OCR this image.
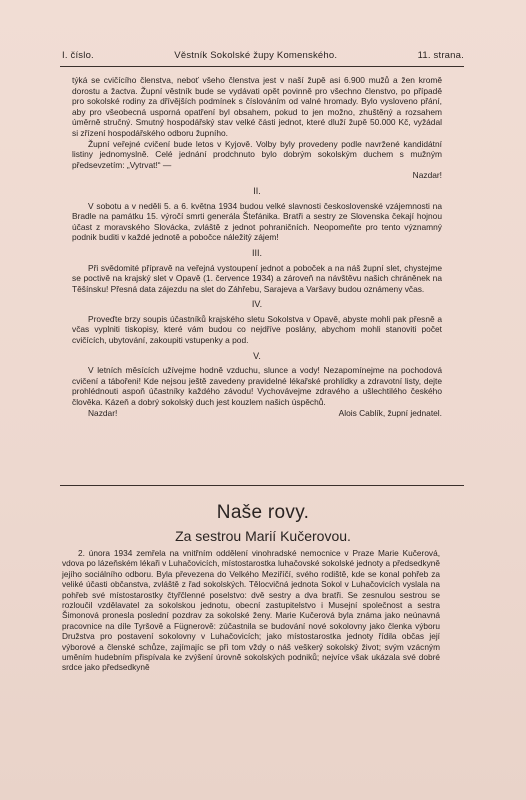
I. číslo.	Věstník Sokolské župy Komenského.	11. strana.

týká se cvičícího členstva, neboť všeho členstva jest v naší župě asi 6.900 mužů a žen kromě dorostu a žactva. Župní věstník bude se vydávati opět povinně pro všechno členstvo, po případě pro sokolské rodiny za dřívějších podmínek s číslováním od valné hromady. Bylo vysloveno přání, aby pro všeobecná usporná opatření byl obsahem, pokud to jen možno, zhuštěný a rozsahem úměrně stručný. Smutný hospodářský stav velké části jednot, které dluží župě 50.000 Kč, vyžádal si zřízení hospodářského odboru župního.

Župní veřejné cvičení bude letos v Kyjově. Volby byly provedeny podle navržené kandidátní listiny jednomyslně. Celé jednání prodchnuto bylo dobrým sokolským duchem s mužným předsevzetím: „Vytrvat!“ —

Nazdar!
II.

V sobotu a v neděli 5. a 6. května 1934 budou velké slavnosti československé vzájemnosti na Bradle na památku 15. výročí smrti generála Štefánika. Bratři a sestry ze Slovenska čekají hojnou účast z moravského Slovácka, zvláště z jednot pohraničních. Neopomeňte pro tento významný podnik buditi v každé jednotě a pobočce náležitý zájem!

III.

Při svědomité přípravě na veřejná vystoupení jednot a poboček a na náš župní slet, chystejme se poctivě na krajský slet v Opavě (1. července 1934) a zároveň na návštěvu našich chráněnek na Těšínsku! Přesná data zájezdu na slet do Záhřebu, Sarajeva a Varšavy budou oznámeny včas.

IV.

Proveďte brzy soupis účastníků krajského sletu Sokolstva v Opavě, abyste mohli pak přesně a včas vyplniti tiskopisy, které vám budou co nejdříve poslány, abychom mohli stanoviti počet cvičících, ubytování, zakoupiti vstupenky a pod.

V.

V letních měsících užívejme hodně vzduchu, slunce a vody! Nezapomínejme na pochodová cvičení a tábořeni! Kde nejsou ještě zavedeny pravidelné lékařské prohlídky a zdravotní listy, dejte prohlédnouti aspoň účastníky každého závodu! Vychovávejme zdravého a ušlechtilého českého člověka. Kázeň a dobrý sokolský duch jest kouzlem našich úspěchů.

Nazdar!	Alois Cablík, župní jednatel.
Naše rovy.
Za sestrou Marií Kučerovou.

2. února 1934 zemřela na vnitřním oddělení vinohradské nemocnice v Praze Marie Kučerová, vdova po lázeňském lékaři v Luhačovicích, místostarostka luhačovské sokolské jednoty a předsedkyně jejího sociálního odboru. Byla převezena do Velkého Meziříčí, svého rodiště, kde se konal pohřeb za veliké účasti občanstva, zvláště z řad sokolských. Tělocvičná jednota Sokol v Luhačovicích vyslala na pohřeb své místostarostky čtyřčlenné poselstvo: dvě sestry a dva bratři. Se zesnulou sestrou se rozloučil vzdělavatel za sokolskou jednotu, obecní zastupitelstvo i Musejní společnost a sestra Šimonová pronesla poslední pozdrav za sokolské ženy. Marie Kučerová byla známa jako neúnavná pracovnice na díle Tyršově a Fügnerově: zúčastnila se budování nové sokolovny jako členka výboru Družstva pro postavení sokolovny v Luhačovicích; jako místostarostka jednoty řídila občas její výborové a členské schůze, zajímajíc se při tom vždy o náš veškerý sokolský život; svým vzácným uměním hudebním přispívala ke zvýšení úrovně sokolských podniků; nejvíce však ukázala své dobré srdce jako předsedkyně
